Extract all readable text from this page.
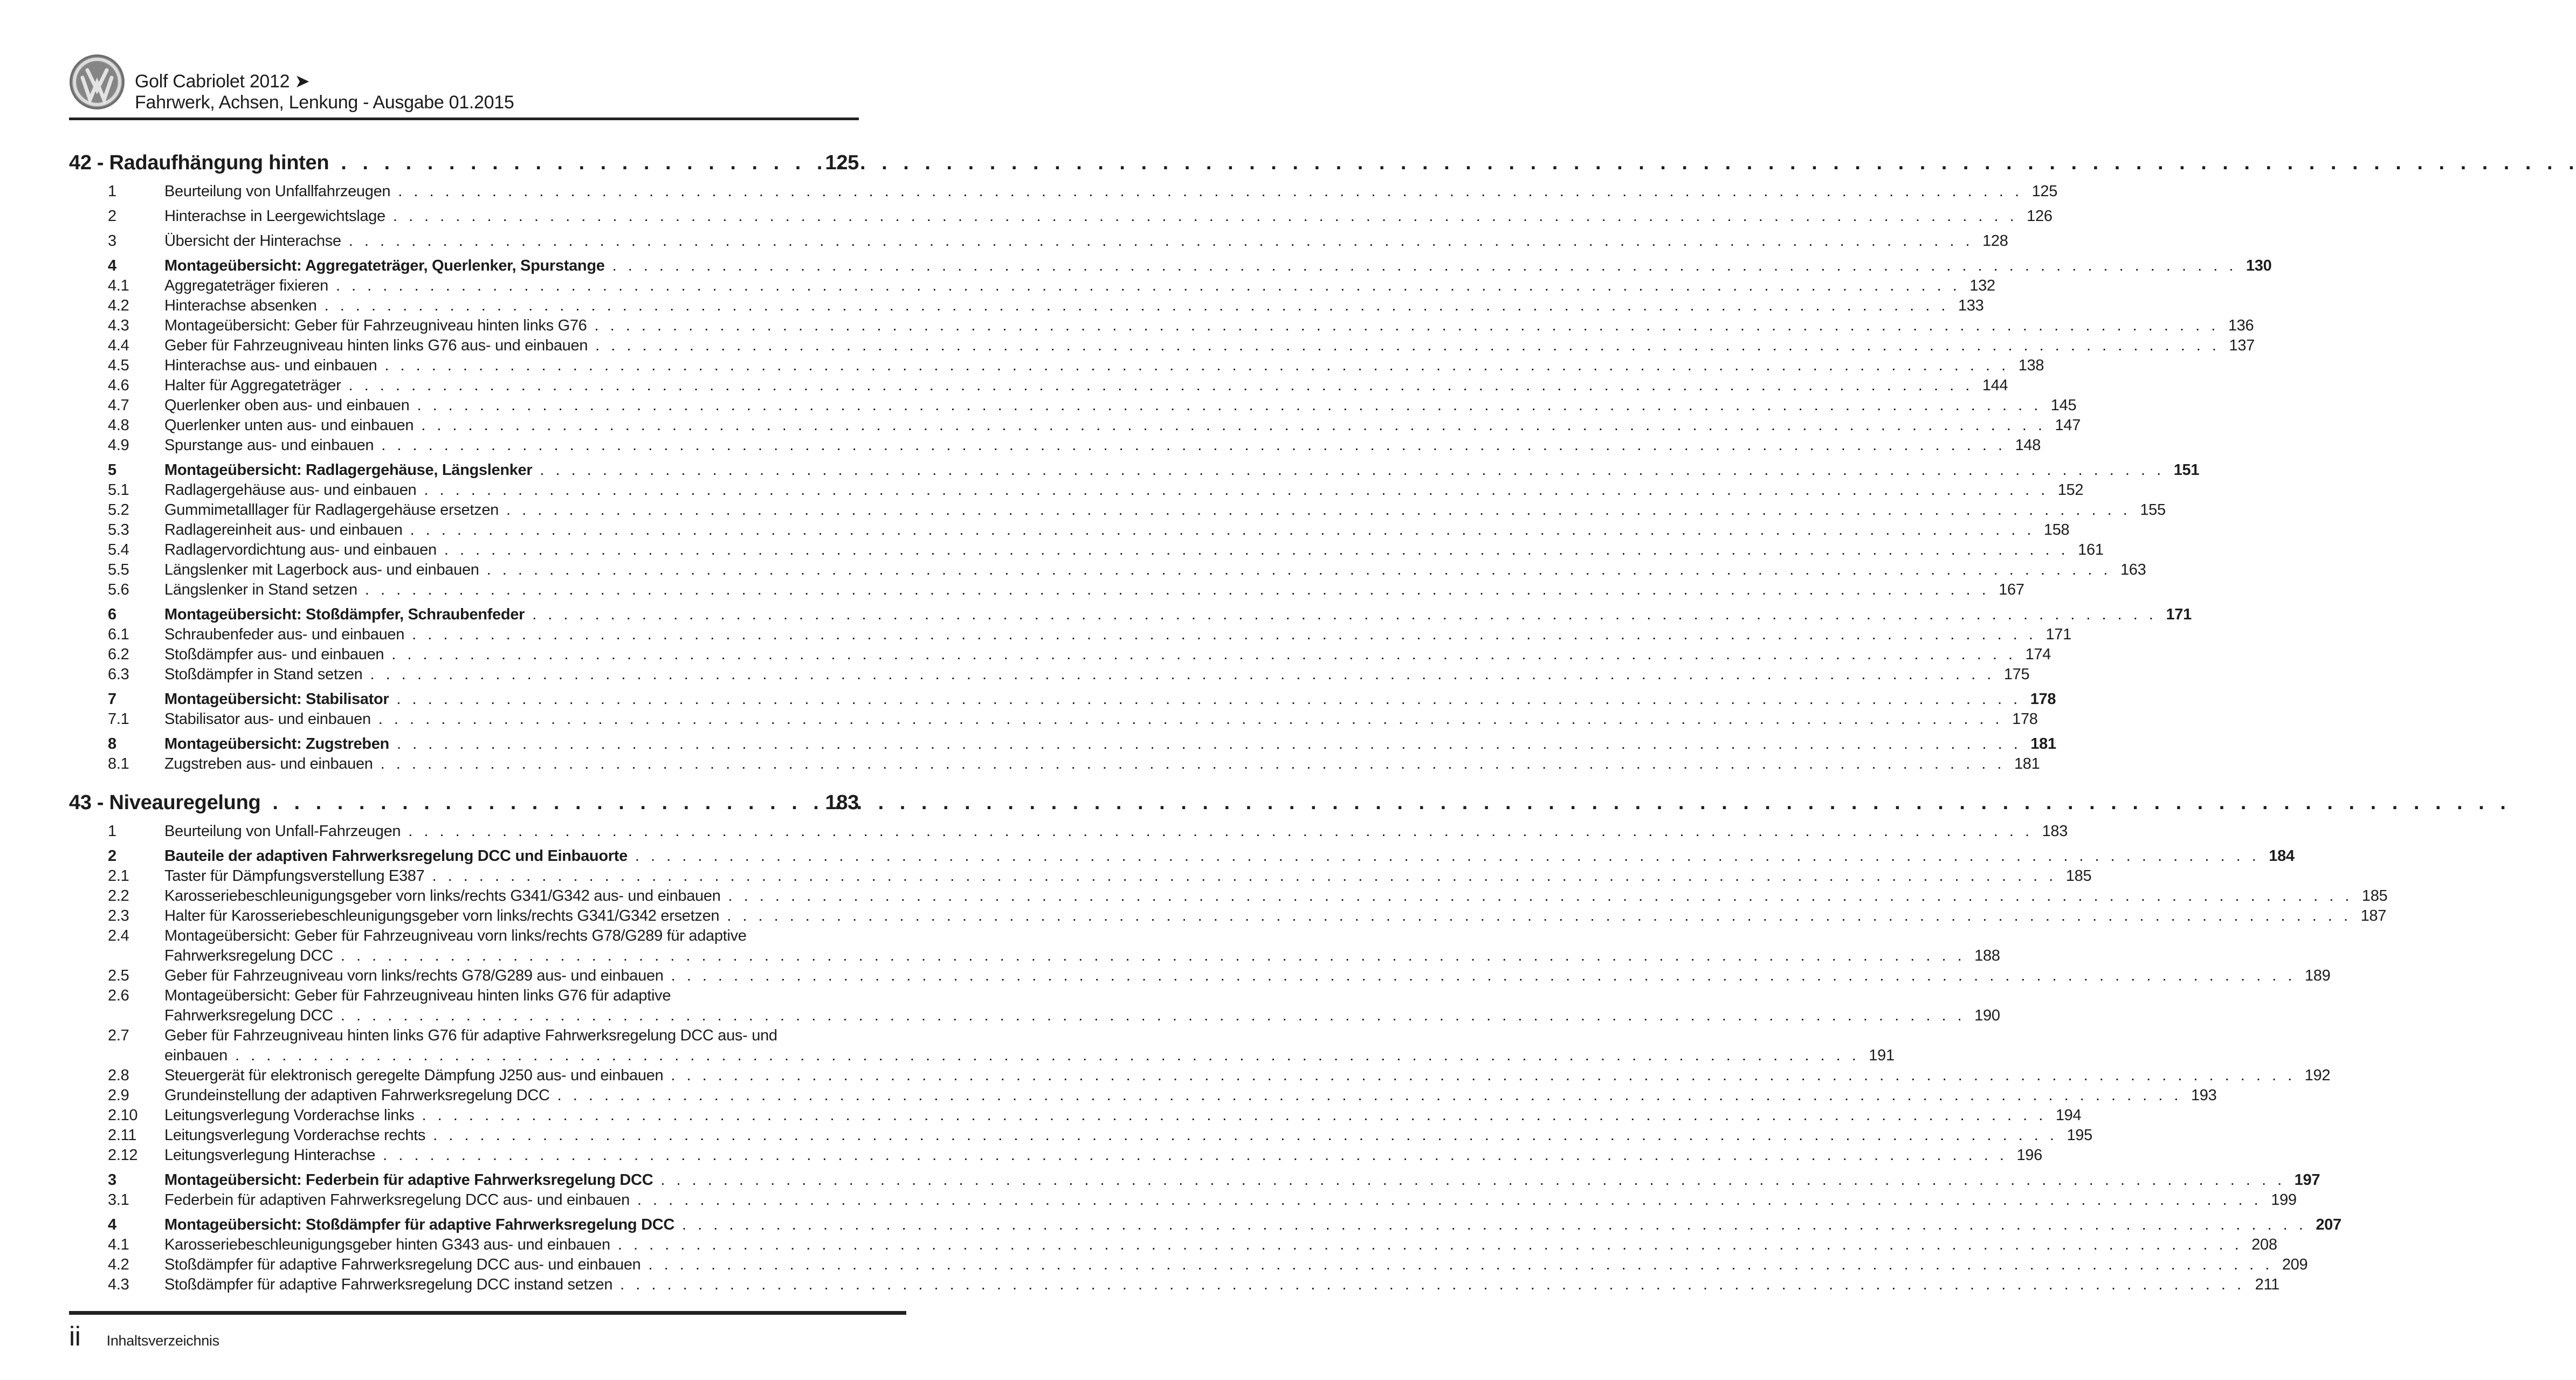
Golf Cabriolet 2012 ➤
Fahrwerk, Achsen, Lenkung - Ausgabe 01.2015
42 - Radaufhängung hinten . . .	125
1	Beurteilung von Unfallfahrzeugen . . .	125
2	Hinterachse in Leergewichtslage . . .	126
3	Übersicht der Hinterachse . . .	128
4	Montageübersicht: Aggregateträger, Querlenker, Spurstange . . .	130
4.1	Aggregateträger fixieren . . .	132
4.2	Hinterachse absenken . . .	133
4.3	Montageübersicht: Geber für Fahrzeugniveau hinten links G76 . . .	136
4.4	Geber für Fahrzeugniveau hinten links G76 aus- und einbauen . . .	137
4.5	Hinterachse aus- und einbauen . . .	138
4.6	Halter für Aggregateträger . . .	144
4.7	Querlenker oben aus- und einbauen . . .	145
4.8	Querlenker unten aus- und einbauen . . .	147
4.9	Spurstange aus- und einbauen . . .	148
5	Montageübersicht: Radlagergehäuse, Längslenker . . .	151
5.1	Radlagergehäuse aus- und einbauen . . .	152
5.2	Gummimetalllager für Radlagergehäuse ersetzen . . .	155
5.3	Radlagereinheit aus- und einbauen . . .	158
5.4	Radlagervordichtung aus- und einbauen . . .	161
5.5	Längslenker mit Lagerbock aus- und einbauen . . .	163
5.6	Längslenker in Stand setzen . . .	167
6	Montageübersicht: Stoßdämpfer, Schraubenfeder . . .	171
6.1	Schraubenfeder aus- und einbauen . . .	171
6.2	Stoßdämpfer aus- und einbauen . . .	174
6.3	Stoßdämpfer in Stand setzen . . .	175
7	Montageübersicht: Stabilisator . . .	178
7.1	Stabilisator aus- und einbauen . . .	178
8	Montageübersicht: Zugstreben . . .	181
8.1	Zugstreben aus- und einbauen . . .	181
43 - Niveauregelung . . .	183
1	Beurteilung von Unfall-Fahrzeugen . . .	183
2	Bauteile der adaptiven Fahrwerksregelung DCC und Einbauorte . . .	184
2.1	Taster für Dämpfungsverstellung E387 . . .	185
2.2	Karosseriebeschleunigungsgeber vorn links/rechts G341/G342 aus- und einbauen . . .	185
2.3	Halter für Karosseriebeschleunigungsgeber vorn links/rechts G341/G342 ersetzen . . .	187
2.4	Montageübersicht: Geber für Fahrzeugniveau vorn links/rechts G78/G289 für adaptive
Fahrwerksregelung DCC . . .	188
2.5	Geber für Fahrzeugniveau vorn links/rechts G78/G289 aus- und einbauen . . .	189
2.6	Montageübersicht: Geber für Fahrzeugniveau hinten links G76 für adaptive
Fahrwerksregelung DCC . . .	190
2.7	Geber für Fahrzeugniveau hinten links G76 für adaptive Fahrwerksregelung DCC aus- und
einbauen . . .	191
2.8	Steuergerät für elektronisch geregelte Dämpfung J250 aus- und einbauen . . .	192
2.9	Grundeinstellung der adaptiven Fahrwerksregelung DCC . . .	193
2.10	Leitungsverlegung Vorderachse links . . .	194
2.11	Leitungsverlegung Vorderachse rechts . . .	195
2.12	Leitungsverlegung Hinterachse . . .	196
3	Montageübersicht: Federbein für adaptive Fahrwerksregelung DCC . . .	197
3.1	Federbein für adaptiven Fahrwerksregelung DCC aus- und einbauen . . .	199
4	Montageübersicht: Stoßdämpfer für adaptive Fahrwerksregelung DCC . . .	207
4.1	Karosseriebeschleunigungsgeber hinten G343 aus- und einbauen . . .	208
4.2	Stoßdämpfer für adaptive Fahrwerksregelung DCC aus- und einbauen . . .	209
4.3	Stoßdämpfer für adaptive Fahrwerksregelung DCC instand setzen . . .	211
ii Inhaltsverzeichnis
